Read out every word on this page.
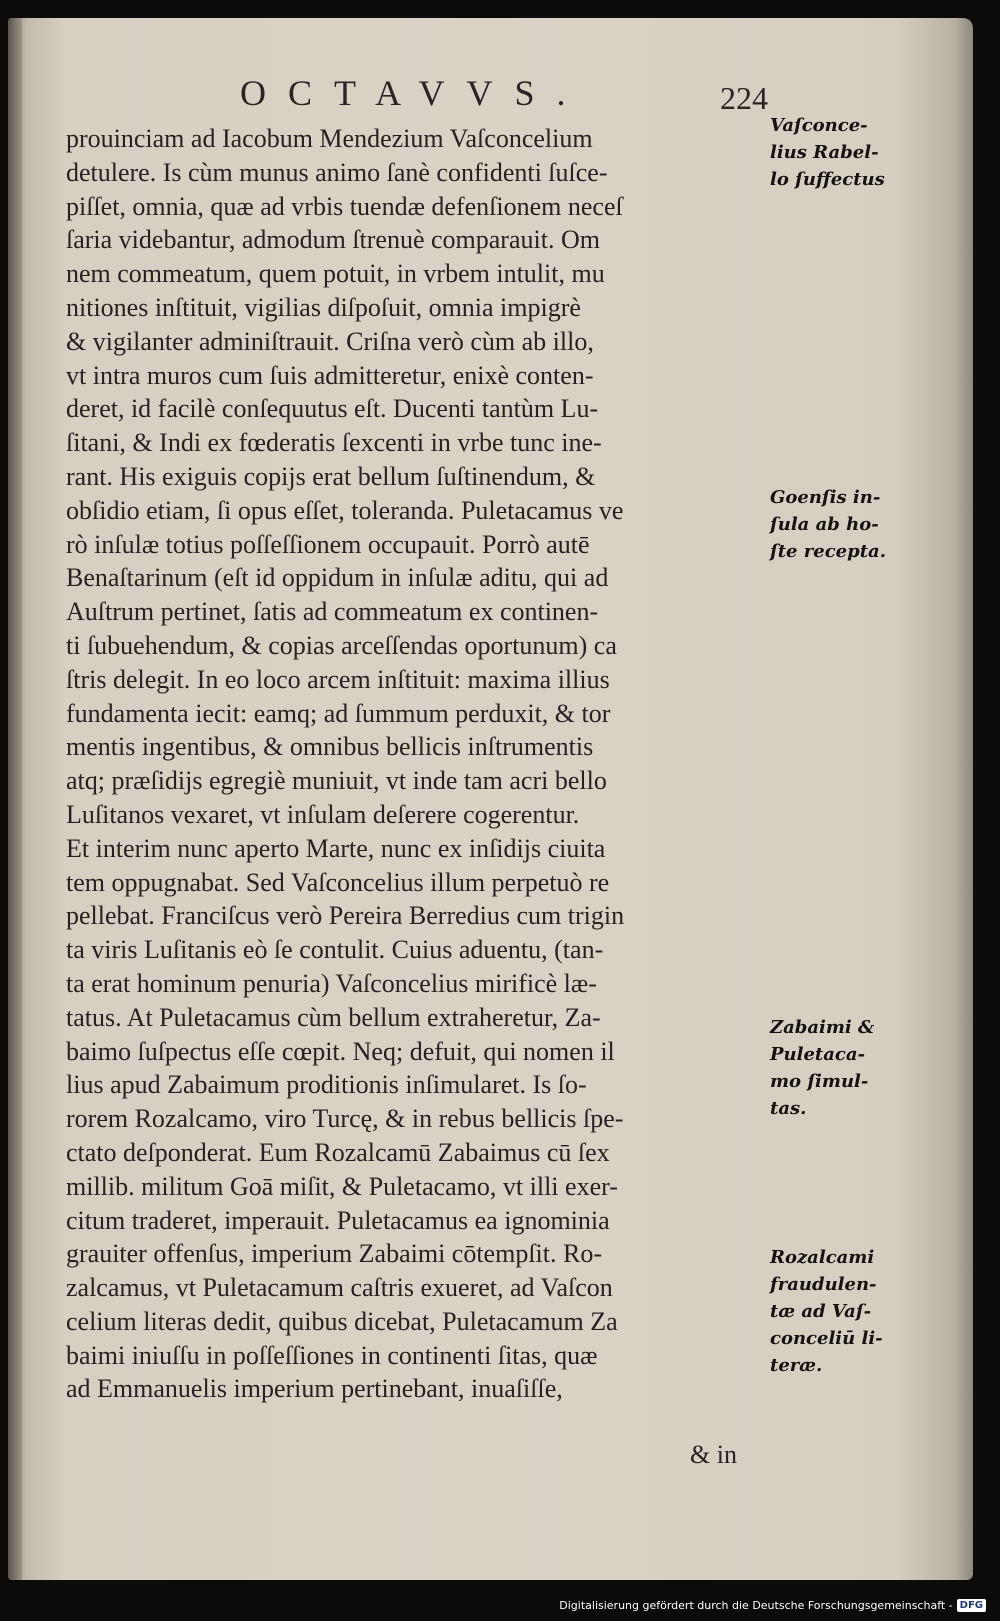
OCTAVVS.	224
prouinciam ad Iacobum Mendezium Vaſconcelium
detulere. Is cùm munus animo ſanè confidenti ſuſce-
piſſet, omnia, quæ ad vrbis tuendæ defenſionem neceſ
ſaria videbantur, admodum ſtrenuè comparauit. Om
nem commeatum, quem potuit, in vrbem intulit, mu
nitiones inſtituit, vigilias diſpoſuit, omnia impigrè
& vigilanter adminiſtrauit. Criſna verò cùm ab illo,
vt intra muros cum ſuis admitteretur, enixè conten-
deret, id facilè conſequutus eſt. Ducenti tantùm Lu-
ſitani, & Indi ex fœderatis ſexcenti in vrbe tunc ine-
rant. His exiguis copijs erat bellum ſuſtinendum, &
obſidio etiam, ſi opus eſſet, toleranda. Puletacamus ve
rò inſulæ totius poſſeſſionem occupauit. Porrò autē
Benaſtarinum (eſt id oppidum in inſulæ aditu, qui ad
Auſtrum pertinet, ſatis ad commeatum ex continen-
ti ſubuehendum, & copias arceſſendas oportunum) ca
ſtris delegit. In eo loco arcem inſtituit: maxima illius
fundamenta iecit: eamq; ad ſummum perduxit, & tor
mentis ingentibus, & omnibus bellicis inſtrumentis
atq; præſidijs egregiè muniuit, vt inde tam acri bello
Luſitanos vexaret, vt inſulam deſerere cogerentur.
Et interim nunc aperto Marte, nunc ex inſidijs ciuita
tem oppugnabat. Sed Vaſconcelius illum perpetuò re
pellebat. Franciſcus verò Pereira Berredius cum trigin
ta viris Luſitanis eò ſe contulit. Cuius aduentu, (tan-
ta erat hominum penuria) Vaſconcelius mirificè læ-
tatus. At Puletacamus cùm bellum extraheretur, Za-
baimo ſuſpectus eſſe cœpit. Neq; defuit, qui nomen il
lius apud Zabaimum proditionis inſimularet. Is ſo-
rorem Rozalcamo, viro Turcę, & in rebus bellicis ſpe-
ctato deſponderat. Eum Rozalcamū Zabaimus cū ſex
millib. militum Goā miſit, & Puletacamo, vt illi exer-
citum traderet, imperauit. Puletacamus ea ignominia
grauiter offenſus, imperium Zabaimi cōtempſit. Ro-
zalcamus, vt Puletacamum caſtris exueret, ad Vaſcon
celium literas dedit, quibus dicebat, Puletacamum Za
baimi iniuſſu in poſſeſſiones in continenti ſitas, quæ
ad Emmanuelis imperium pertinebant, inuaſiſſe,
& in
Vaſconce-
lius Rabel-
lo ſuffectus
Goenſis in-
ſula ab ho-
ſte recepta.
Zabaimi &
Puletaca-
mo ſimul-
tas.
Rozalcami
fraudulen-
tæ ad Vaſ-
conceliū li-
teræ.
Digitalisierung gefördert durch die Deutsche Forschungsgemeinschaft - DFG
